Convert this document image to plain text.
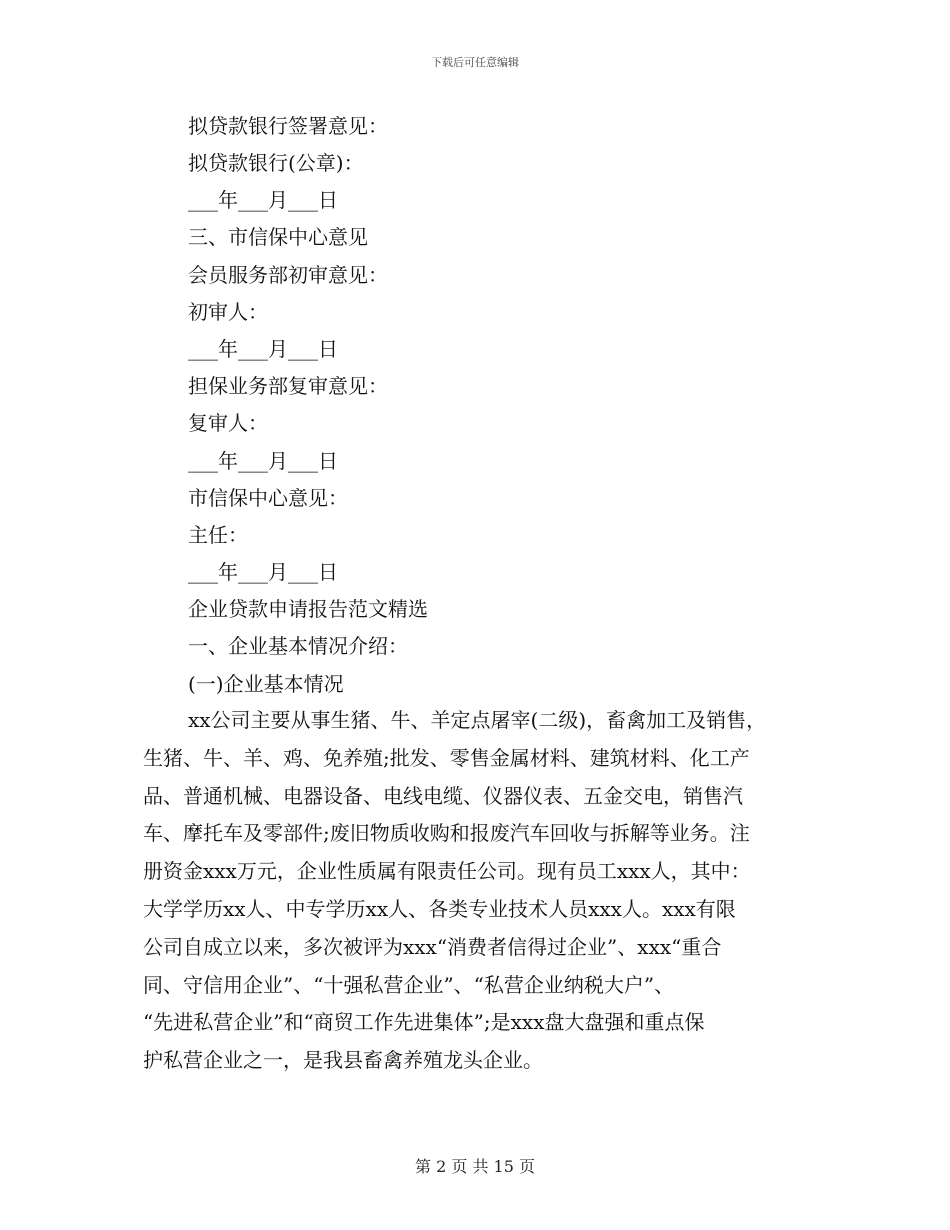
下载后可任意编辑
拟贷款银行签署意见：
拟贷款银行(公章)：
___年___月___日
三、市信保中心意见
会员服务部初审意见：
初审人：
___年___月___日
担保业务部复审意见：
复审人：
___年___月___日
市信保中心意见：
主任：
___年___月___日
企业贷款申请报告范文精选
一、企业基本情况介绍：
(一)企业基本情况
xx公司主要从事生猪、牛、羊定点屠宰(二级)，畜禽加工及销售，
生猪、牛、羊、鸡、免养殖;批发、零售金属材料、建筑材料、化工产
品、普通机械、电器设备、电线电缆、仪器仪表、五金交电，销售汽
车、摩托车及零部件;废旧物质收购和报废汽车回收与拆解等业务。注
册资金xxx万元，企业性质属有限责任公司。现有员工xxx人，其中：
大学学历xx人、中专学历xx人、各类专业技术人员xxx人。xxx有限
公司自成立以来，多次被评为xxx“消费者信得过企业”、xxx“重合
同、守信用企业”、“十强私营企业”、“私营企业纳税大户”、
“先进私营企业”和“商贸工作先进集体”;是xxx盘大盘强和重点保
护私营企业之一，是我县畜禽养殖龙头企业。
第 2 页 共 15 页
